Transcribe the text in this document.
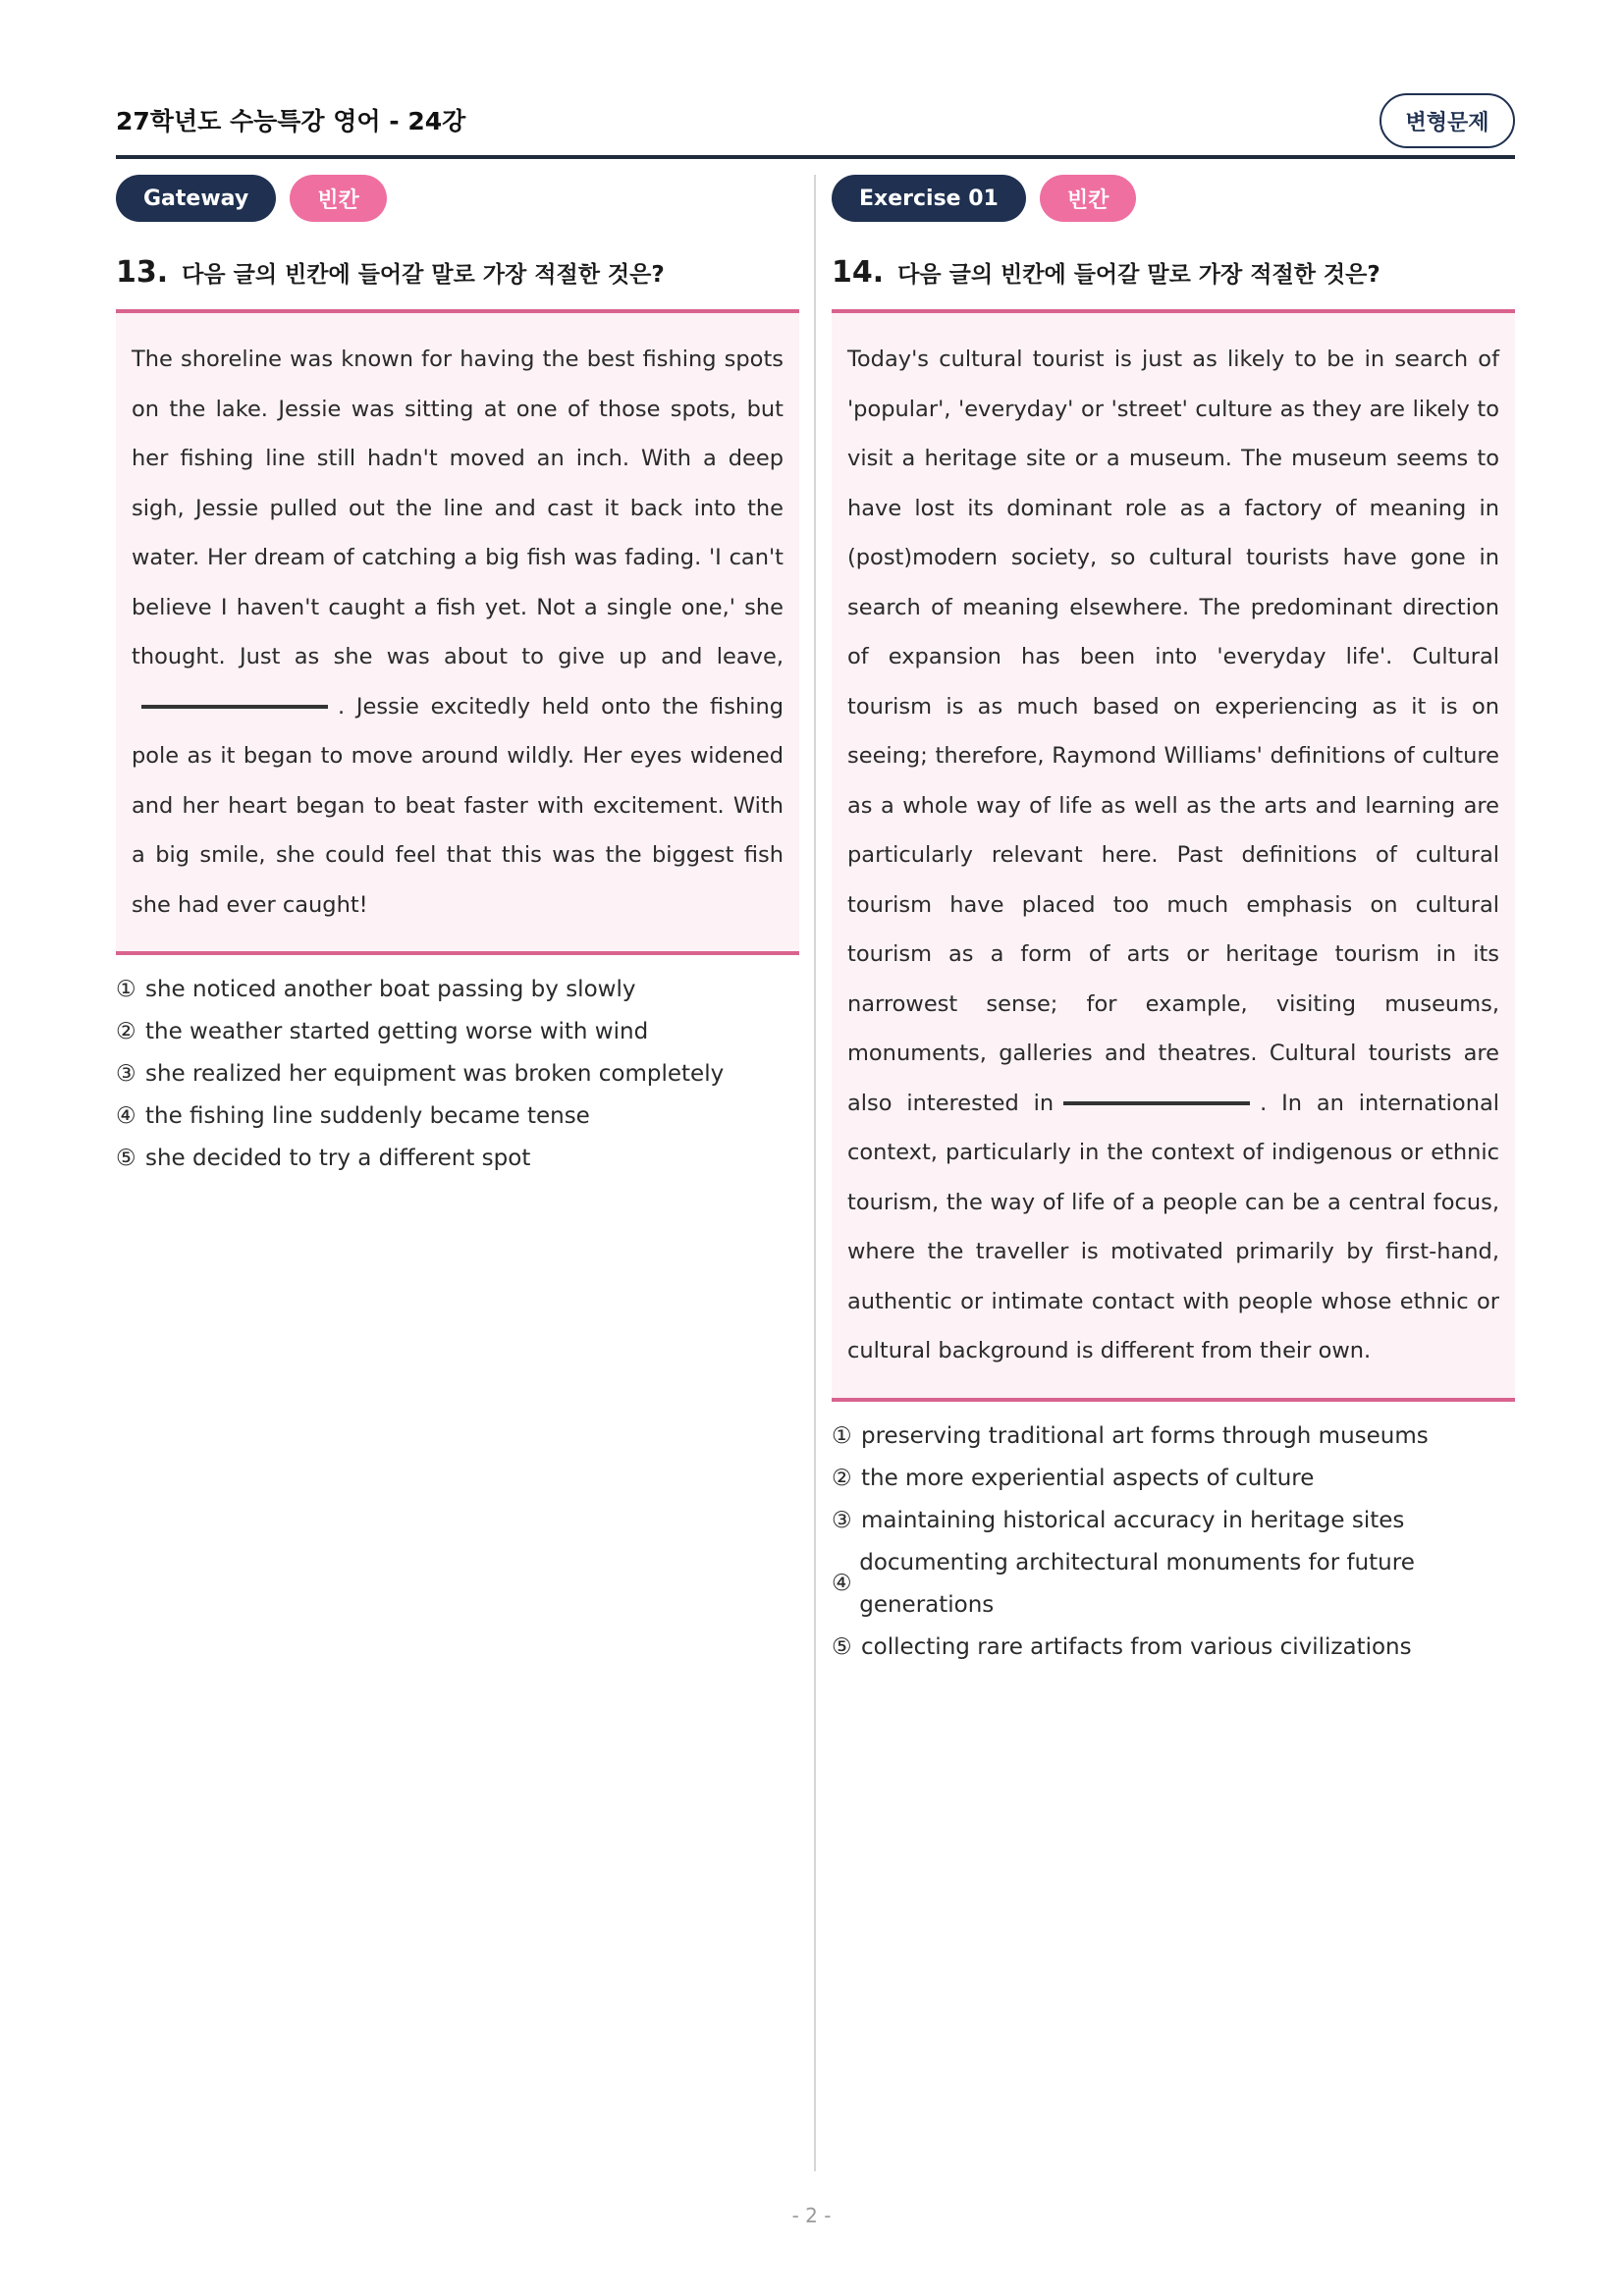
27학년도 수능특강 영어 - 24강	변형문제
Gateway	빈칸
13. 다음 글의 빈칸에 들어갈 말로 가장 적절한 것은?
The shoreline was known for having the best fishing spots on the lake. Jessie was sitting at one of those spots, but her fishing line still hadn't moved an inch. With a deep sigh, Jessie pulled out the line and cast it back into the water. Her dream of catching a big fish was fading. 'I can't believe I haven't caught a fish yet. Not a single one,' she thought. Just as she was about to give up and leave,. Jessie excitedly held onto the fishing pole as it began to move around wildly. Her eyes widened and her heart began to beat faster with excitement. With a big smile, she could feel that this was the biggest fish she had ever caught!
① she noticed another boat passing by slowly
② the weather started getting worse with wind
③ she realized her equipment was broken completely
④ the fishing line suddenly became tense
⑤ she decided to try a different spot
Exercise 01	빈칸
14. 다음 글의 빈칸에 들어갈 말로 가장 적절한 것은?
Today's cultural tourist is just as likely to be in search of 'popular', 'everyday' or 'street' culture as they are likely to visit a heritage site or a museum. The museum seems to have lost its dominant role as a factory of meaning in (post)modern society, so cultural tourists have gone in search of meaning elsewhere. The predominant direction of expansion has been into 'everyday life'. Cultural tourism is as much based on experiencing as it is on seeing; therefore, Raymond Williams' definitions of culture as a whole way of life as well as the arts and learning are particularly relevant here. Past definitions of cultural tourism have placed too much emphasis on cultural tourism as a form of arts or heritage tourism in its narrowest sense; for example, visiting museums, monuments, galleries and theatres. Cultural tourists are also interested in	. In an international context, particularly in the context of indigenous or ethnic tourism, the way of life of a people can be a central focus, where the traveller is motivated primarily by first-hand, authentic or intimate contact with people whose ethnic or cultural background is different from their own.
① preserving traditional art forms through museums
② the more experiential aspects of culture
③ maintaining historical accuracy in heritage sites
④
documenting architectural monuments for future generations
⑤ collecting rare artifacts from various civilizations
- 2 -
